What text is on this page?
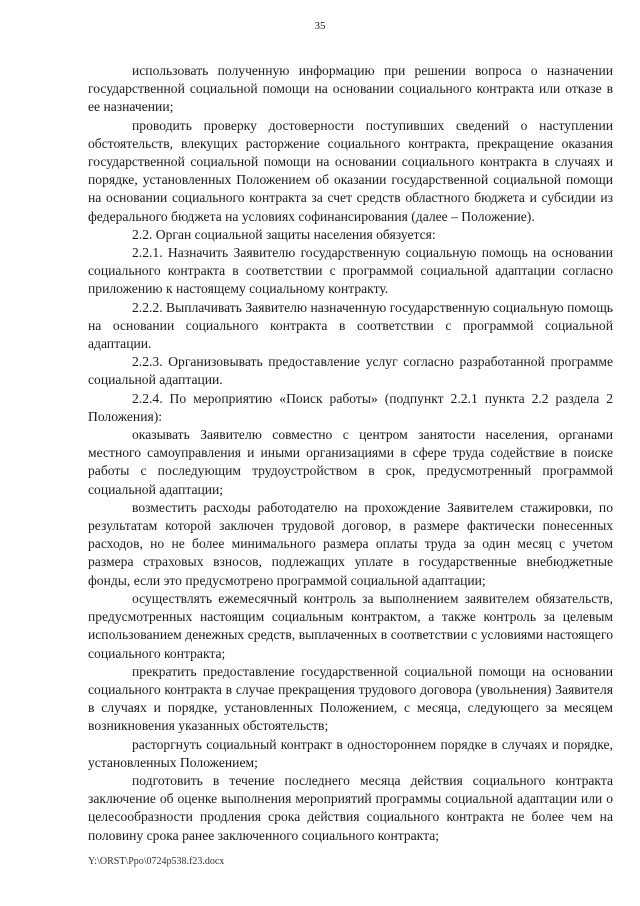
35

использовать полученную информацию при решении вопроса о назначении государственной социальной помощи на основании социального контракта или отказе в ее назначении;

проводить проверку достоверности поступивших сведений о наступлении обстоятельств, влекущих расторжение социального контракта, прекращение оказания государственной социальной помощи на основании социального контракта в случаях и порядке, установленных Положением об оказании государственной социальной помощи на основании социального контракта за счет средств областного бюджета и субсидии из федерального бюджета на условиях софинансирования (далее – Положение).

2.2. Орган социальной защиты населения обязуется:

2.2.1. Назначить Заявителю государственную социальную помощь на основании социального контракта в соответствии с программой социальной адаптации согласно приложению к настоящему социальному контракту.

2.2.2. Выплачивать Заявителю назначенную государственную социальную помощь на основании социального контракта в соответствии с программой социальной адаптации.

2.2.3. Организовывать предоставление услуг согласно разработанной программе социальной адаптации.

2.2.4. По мероприятию «Поиск работы» (подпункт 2.2.1 пункта 2.2 раздела 2 Положения):

оказывать Заявителю совместно с центром занятости населения, органами местного самоуправления и иными организациями в сфере труда содействие в поиске работы с последующим трудоустройством в срок, предусмотренный программой социальной адаптации;

возместить расходы работодателю на прохождение Заявителем стажировки, по результатам которой заключен трудовой договор, в размере фактически понесенных расходов, но не более минимального размера оплаты труда за один месяц с учетом размера страховых взносов, подлежащих уплате в государственные внебюджетные фонды, если это предусмотрено программой социальной адаптации;

осуществлять ежемесячный контроль за выполнением заявителем обязательств, предусмотренных настоящим социальным контрактом, а также контроль за целевым использованием денежных средств, выплаченных в соответствии с условиями настоящего социального контракта;

прекратить предоставление государственной социальной помощи на основании социального контракта в случае прекращения трудового договора (увольнения) Заявителя в случаях и порядке, установленных Положением, с месяца, следующего за месяцем возникновения указанных обстоятельств;

расторгнуть социальный контракт в одностороннем порядке в случаях и порядке, установленных Положением;

подготовить в течение последнего месяца действия социального контракта заключение об оценке выполнения мероприятий программы социальной адаптации или о целесообразности продления срока действия социального контракта не более чем на половину срока ранее заключенного социального контракта;

Y:\ORST\Ppo\0724p538.f23.docx
